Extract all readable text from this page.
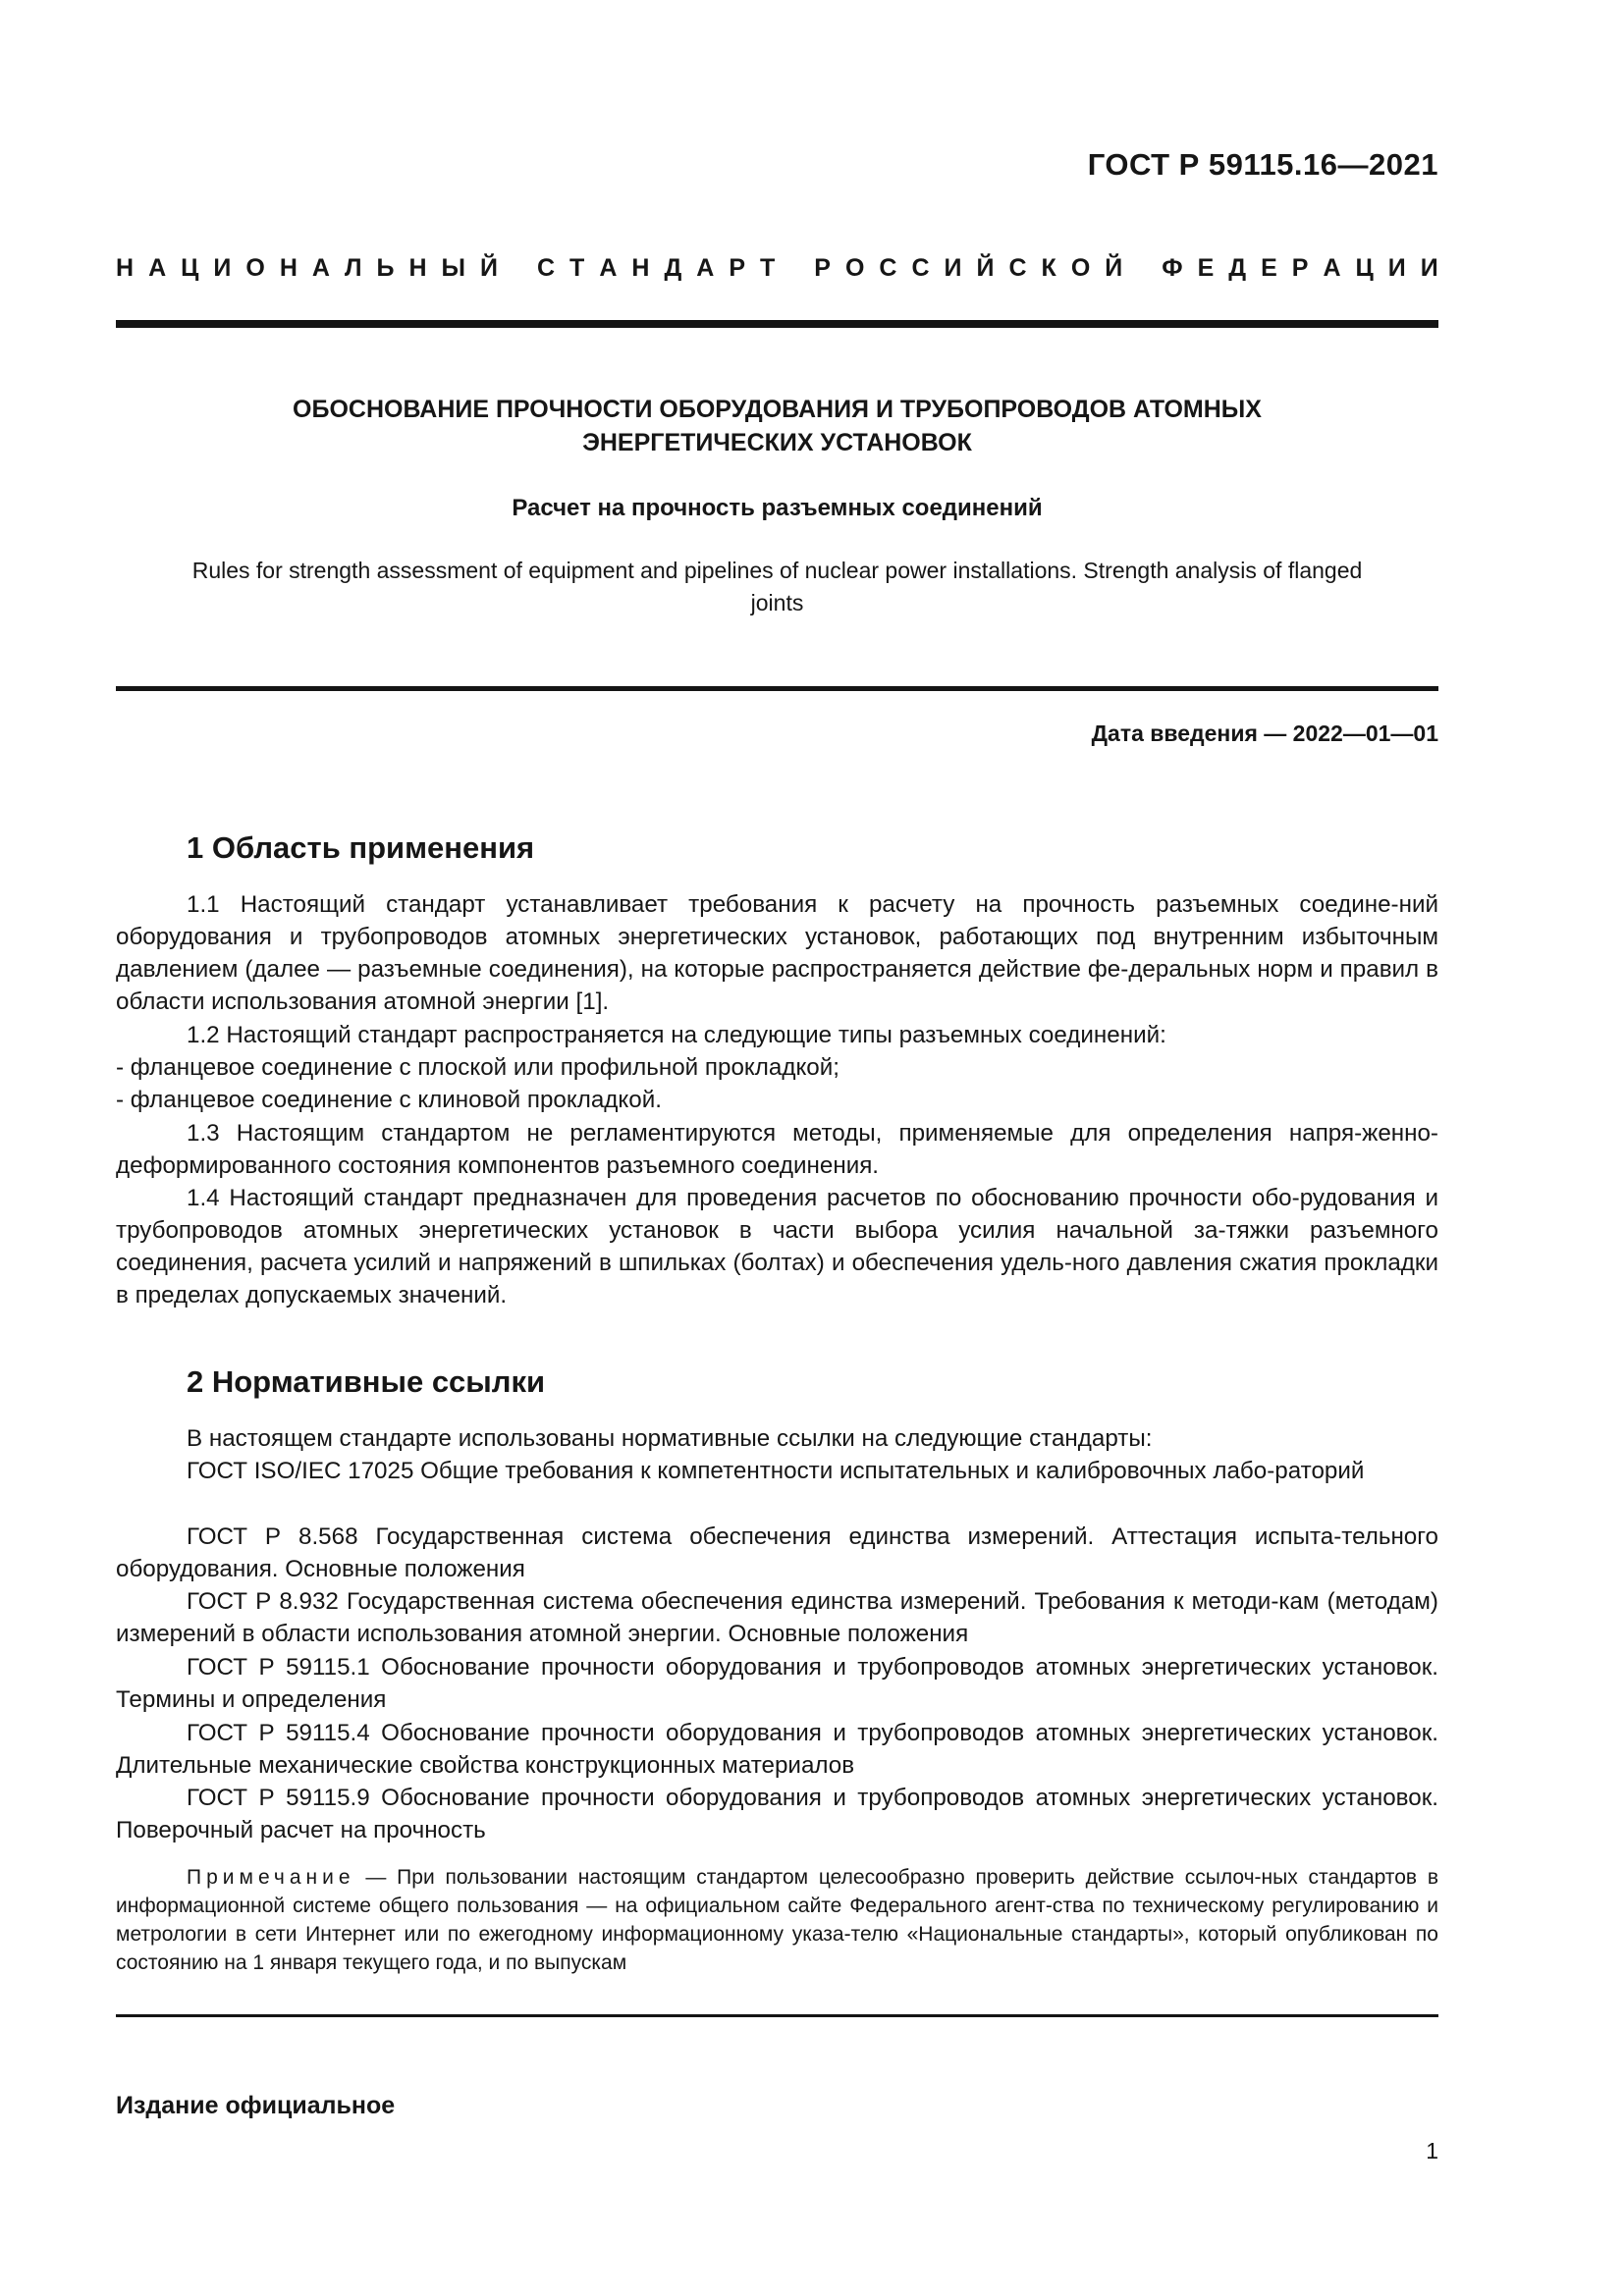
ГОСТ Р 59115.16—2021
Н А Ц И О Н А Л Ь Н Ы Й С Т А Н Д А Р Т Р О С С И Й С К О Й Ф Е Д Е Р А Ц И И
ОБОСНОВАНИЕ ПРОЧНОСТИ ОБОРУДОВАНИЯ И ТРУБОПРОВОДОВ АТОМНЫХ
ЭНЕРГЕТИЧЕСКИХ УСТАНОВОК
Расчет на прочность разъемных соединений
Rules for strength assessment of equipment and pipelines of nuclear power installations. Strength analysis of flanged
joints
Дата введения — 2022—01—01
1 Область применения

1.1 Настоящий стандарт устанавливает требования к расчету на прочность разъемных соедине-ний оборудования и трубопроводов атомных энергетических установок, работающих под внутренним избыточным давлением (далее — разъемные соединения), на которые распространяется действие фе-деральных норм и правил в области использования атомной энергии [1].

1.2 Настоящий стандарт распространяется на следующие типы разъемных соединений:

- фланцевое соединение с плоской или профильной прокладкой;

- фланцевое соединение с клиновой прокладкой.

1.3 Настоящим стандартом не регламентируются методы, применяемые для определения напря-женно-деформированного состояния компонентов разъемного соединения.

1.4 Настоящий стандарт предназначен для проведения расчетов по обоснованию прочности обо-рудования и трубопроводов атомных энергетических установок в части выбора усилия начальной за-тяжки разъемного соединения, расчета усилий и напряжений в шпильках (болтах) и обеспечения удель-ного давления сжатия прокладки в пределах допускаемых значений.

2 Нормативные ссылки

В настоящем стандарте использованы нормативные ссылки на следующие стандарты:

ГОСТ ISO/IEC 17025 Общие требования к компетентности испытательных и калибровочных лабо-раторий

ГОСТ Р 8.568 Государственная система обеспечения единства измерений. Аттестация испыта-тельного оборудования. Основные положения

ГОСТ Р 8.932 Государственная система обеспечения единства измерений. Требования к методи-кам (методам) измерений в области использования атомной энергии. Основные положения

ГОСТ Р 59115.1 Обоснование прочности оборудования и трубопроводов атомных энергетических установок. Термины и определения

ГОСТ Р 59115.4 Обоснование прочности оборудования и трубопроводов атомных энергетических установок. Длительные механические свойства конструкционных материалов

ГОСТ Р 59115.9 Обоснование прочности оборудования и трубопроводов атомных энергетических установок. Поверочный расчет на прочность

Примечание — При пользовании настоящим стандартом целесообразно проверить действие ссылоч-ных стандартов в информационной системе общего пользования — на официальном сайте Федерального агент-ства по техническому регулированию и метрологии в сети Интернет или по ежегодному информационному указа-телю «Национальные стандарты», который опубликован по состоянию на 1 января текущего года, и по выпускам

Издание официальное
1
